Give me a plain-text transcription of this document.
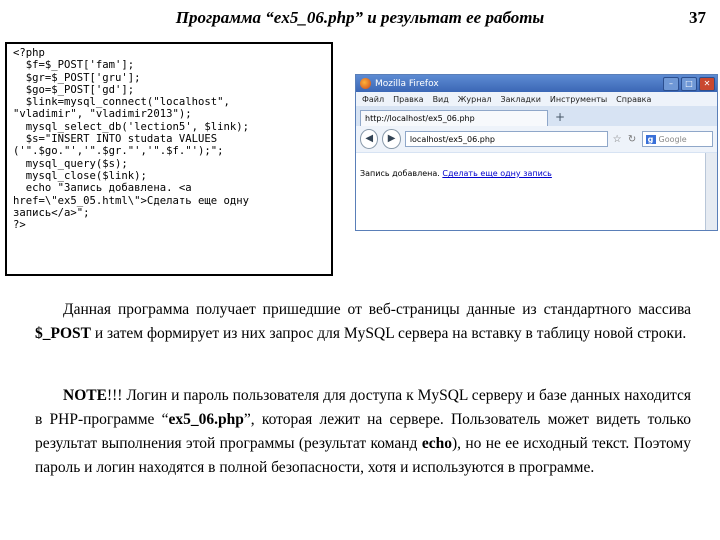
Программа “ex5_06.php” и результат ее работы	37
<?php
$f=$_POST['fam'];
$gr=$_POST['gru'];
$go=$_POST['gd'];
$link=mysql_connect("localhost",
"vladimir", "vladimir2013");
mysql_select_db('lection5', $link);
$s="INSERT INTO studata VALUES
('".$go."','".$gr."','".$f."');";
mysql_query($s);
mysql_close($link);
echo "Запись добавлена. <a
href=\"ex5_05.html\">Сделать еще одну
запись</a>";
?>
Mozilla Firefox	–	□	✕
Файл Правка Вид Журнал Закладки Инструменты Справка
http://localhost/ex5_06.php	+
◀	▶	localhost/ex5_06.php	☆ ↻ g Google
Запись добавлена. Сделать еще одну запись
Данная программа получает пришедшие от веб-страницы данные из стандартного массива $_POST и затем формирует из них запрос для MySQL сервера на вставку в таблицу новой строки.
NOTE!!! Логин и пароль пользователя для доступа к MySQL серверу и базе данных находится в PHP-программе “ex5_06.php”, которая лежит на сервере. Пользователь может видеть только результат выполнения этой программы (результат команд echo), но не ее исходный текст. Поэтому пароль и логин находятся в полной безопасности, хотя и используются в программе.
